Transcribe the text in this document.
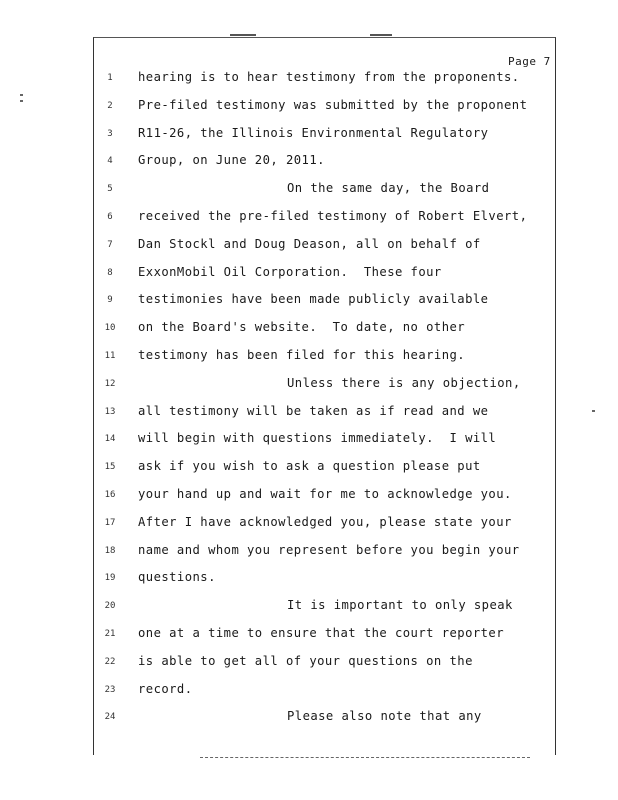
Page 7
1	hearing is to hear testimony from the proponents.
2	Pre-filed testimony was submitted by the proponent
3	R11-26, the Illinois Environmental Regulatory
4	Group, on June 20, 2011.
5	On the same day, the Board
6	received the pre-filed testimony of Robert Elvert,
7	Dan Stockl and Doug Deason, all on behalf of
8	ExxonMobil Oil Corporation.  These four
9	testimonies have been made publicly available
10	on the Board's website.  To date, no other
11	testimony has been filed for this hearing.
12	Unless there is any objection,
13	all testimony will be taken as if read and we
14	will begin with questions immediately.  I will
15	ask if you wish to ask a question please put
16	your hand up and wait for me to acknowledge you.
17	After I have acknowledged you, please state your
18	name and whom you represent before you begin your
19	questions.
20	It is important to only speak
21	one at a time to ensure that the court reporter
22	is able to get all of your questions on the
23	record.
24	Please also note that any
